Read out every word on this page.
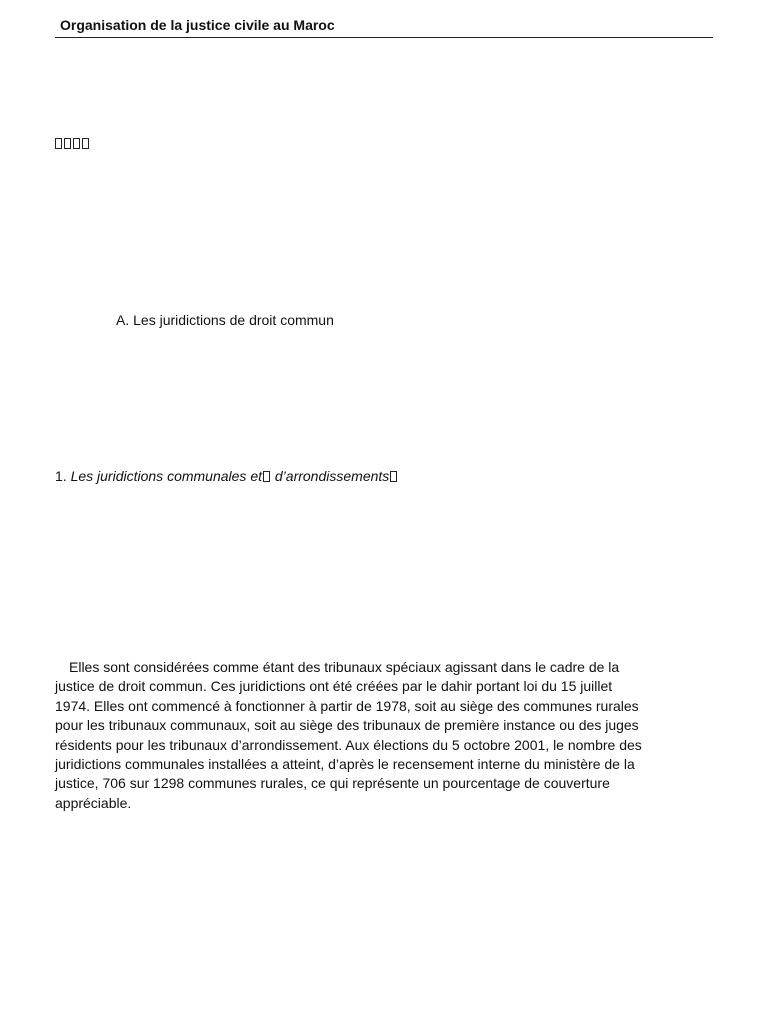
Organisation de la justice civile au Maroc
A. Les juridictions de droit commun
1. Les juridictions communales et d’arrondissements
Elles sont considérées comme étant des tribunaux spéciaux agissant dans le cadre de la
justice de droit commun. Ces juridictions ont été créées par le dahir portant loi du 15 juillet
1974. Elles ont commencé à fonctionner à partir de 1978, soit au siège des communes rurales
pour les tribunaux communaux, soit au siège des tribunaux de première instance ou des juges
résidents pour les tribunaux d’arrondissement. Aux élections du 5 octobre 2001, le nombre des
juridictions communales installées a atteint, d’après le recensement interne du ministère de la
justice, 706 sur 1298 communes rurales, ce qui représente un pourcentage de couverture
appréciable.
